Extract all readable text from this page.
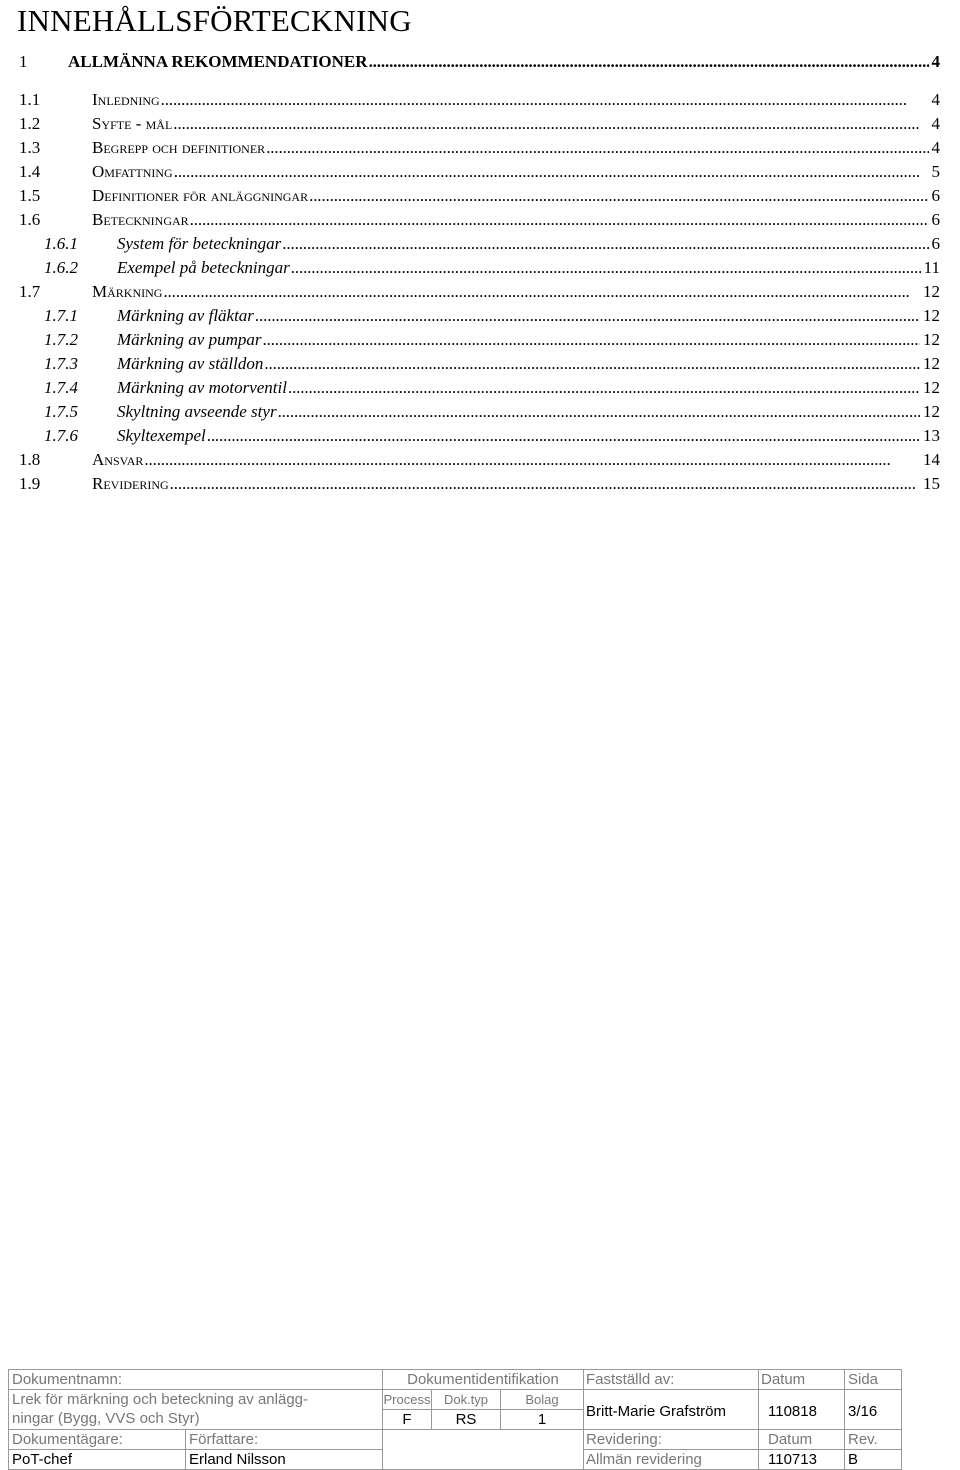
INNEHÅLLSFÖRTECKNING
1 ALLMÄNNA REKOMMENDATIONER	4
. . .
1.1	Inledning	4
. . .
1.2	Syfte - mål	4
. . .
1.3	Begrepp och definitioner	4
. . .
1.4	Omfattning	5
. . .
1.5	Definitioner för anläggningar	6
. . .
1.6	Beteckningar	6
. . .
1.6.1 System för beteckningar	6
. . .
1.6.2 Exempel på beteckningar	11
. . .
1.7	Märkning	12
. . .
1.7.1 Märkning av fläktar	12
. . .
1.7.2 Märkning av pumpar	12
. . .
1.7.3 Märkning av ställdon	12
. . .
1.7.4 Märkning av motorventil	12
. . .
1.7.5 Skyltning avseende styr	12
. . .
1.7.6 Skyltexempel	13
. . .
1.8	Ansvar	14
. . .
1.9	Revidering	15
. . .
Dokumentnamn:	Dokumentidentifikation	Fastställd av:	Datum	Sida
Lrek för märkning och beteckning av anlägg-
ningar (Bygg, VVS och Styr)
Process	Dok.typ	Bolag
Britt-Marie Grafström	110818	3/16
F	RS	1
Dokumentägare:	Författare:	Revidering:	Datum	Rev.
PoT-chef	Erland Nilsson	Allmän revidering	110713	B
